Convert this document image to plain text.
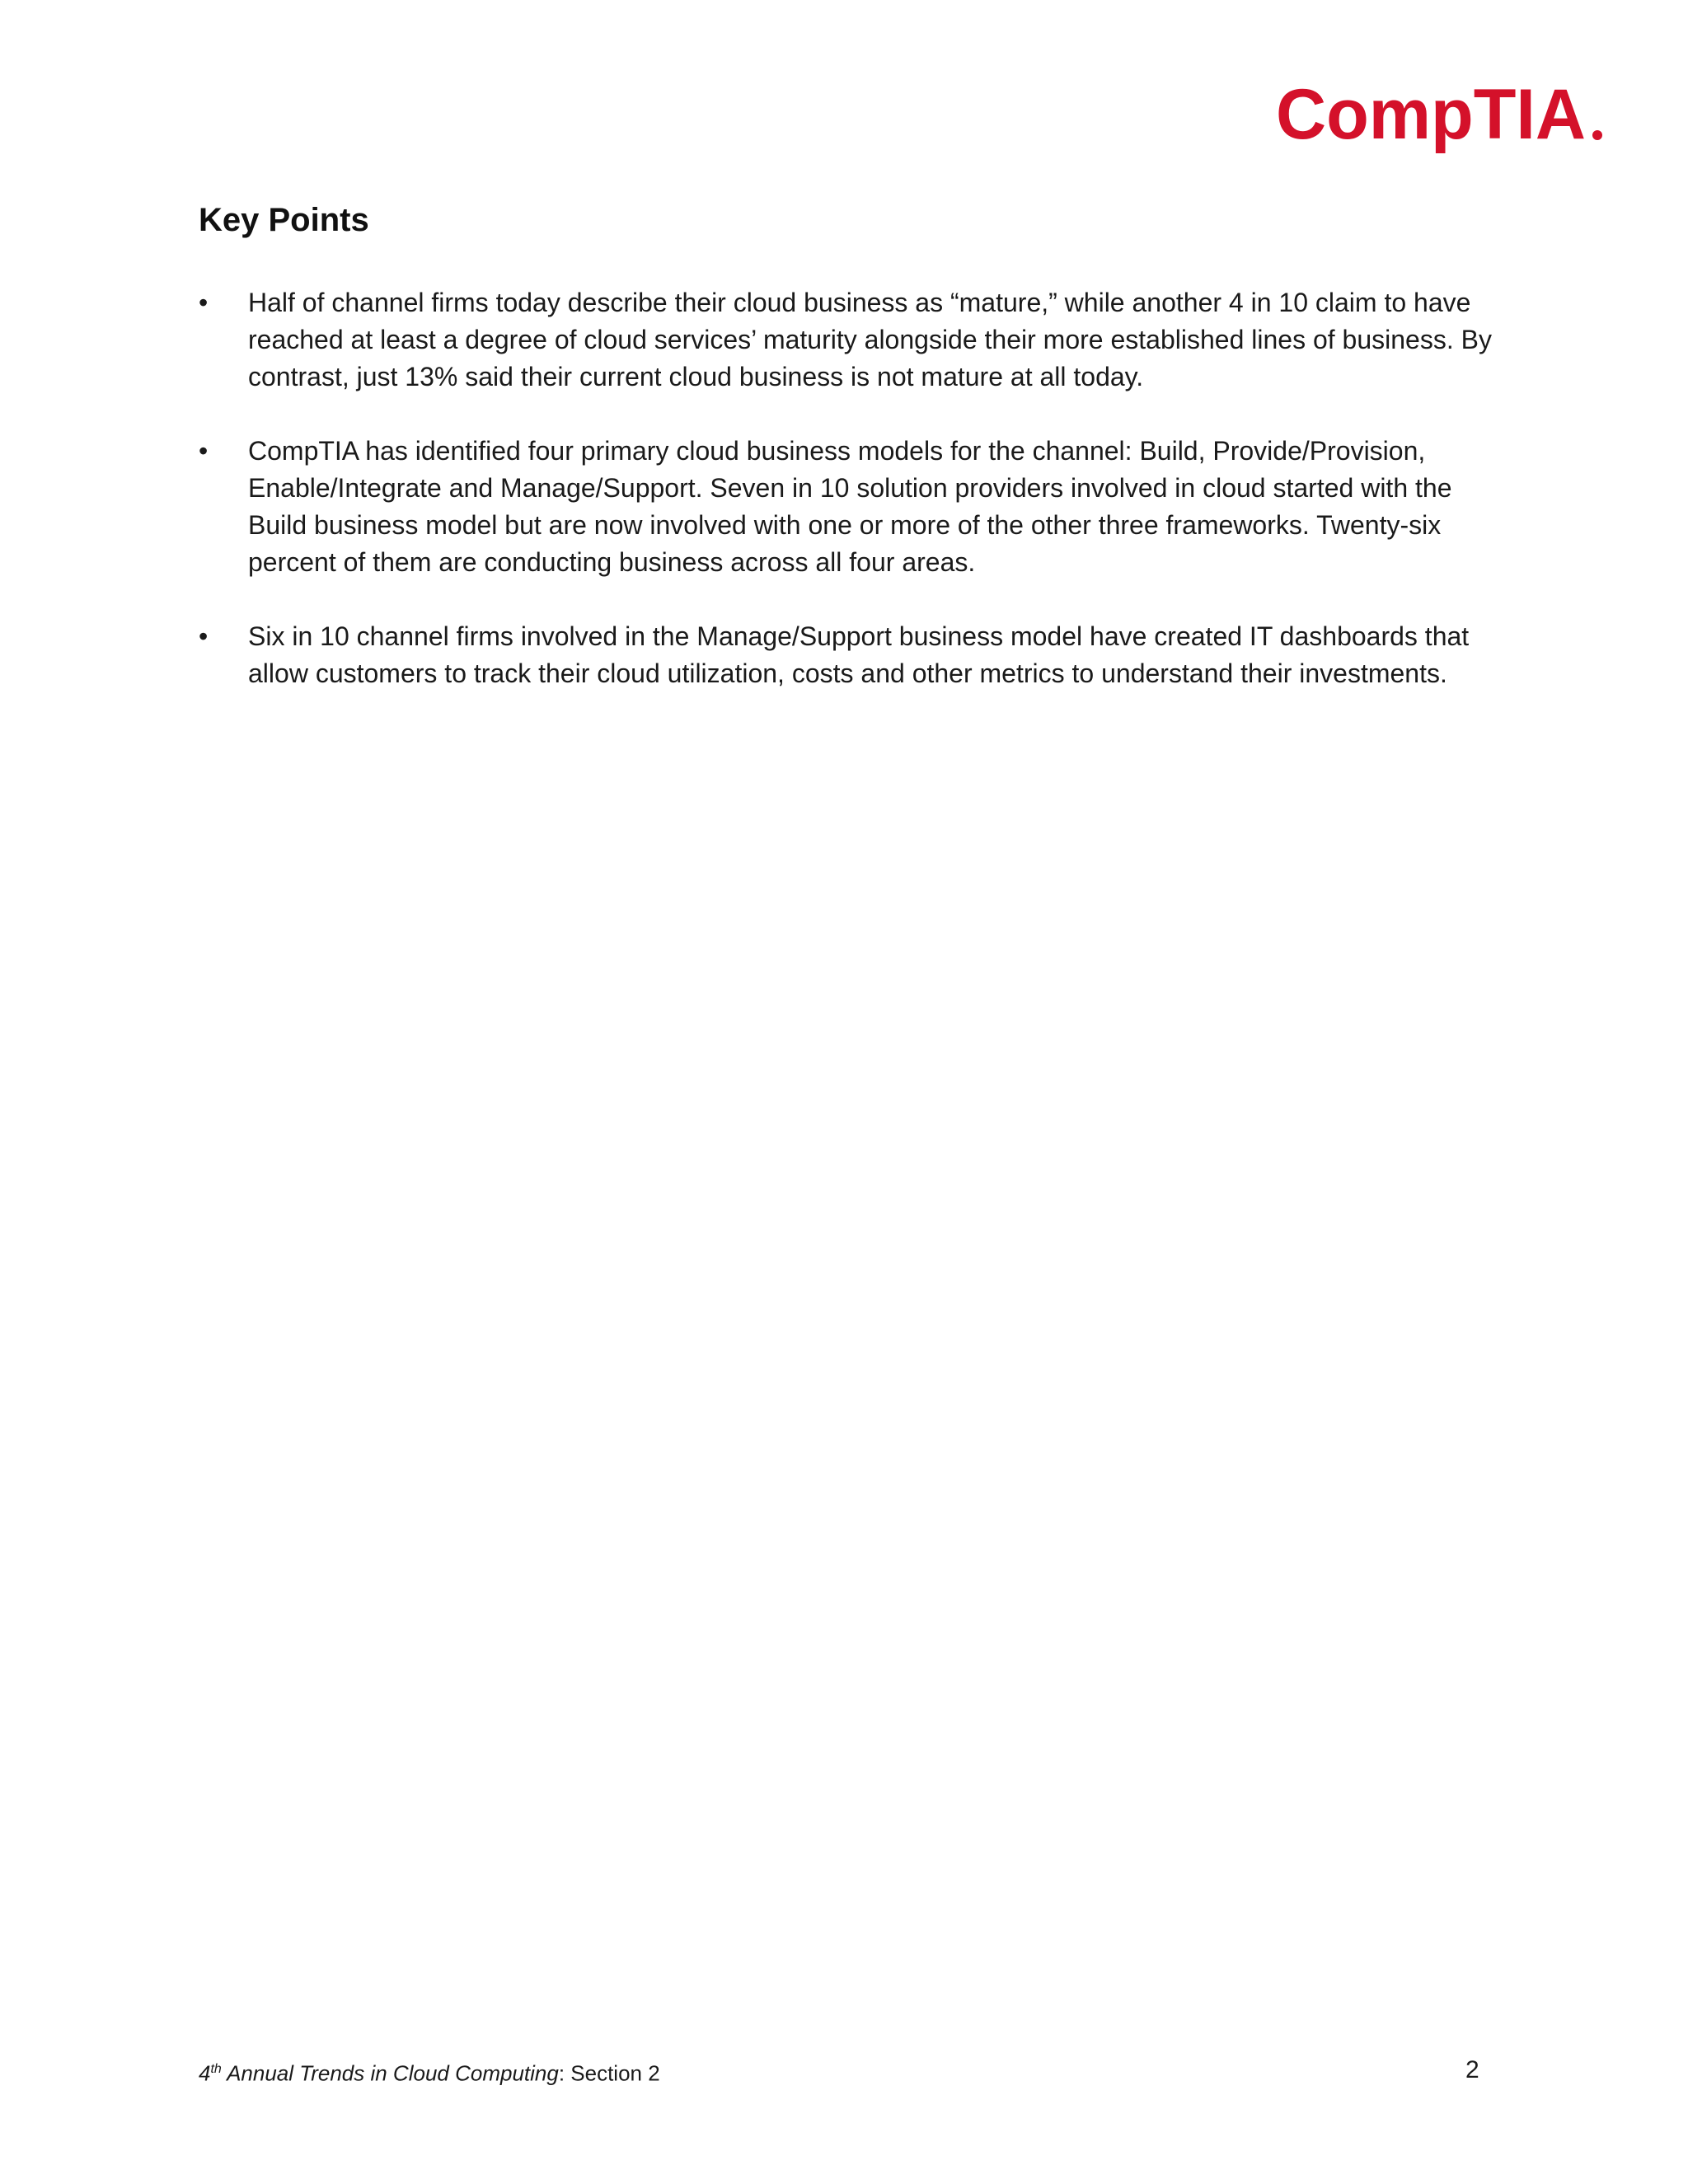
CompTIA
Key Points
•	Half of channel firms today describe their cloud business as “mature,” while another 4 in 10 claim to have reached at least a degree of cloud services’ maturity alongside their more established lines of business. By contrast, just 13% said their current cloud business is not mature at all today.
•	CompTIA has identified four primary cloud business models for the channel: Build, Provide/Provision, Enable/Integrate and Manage/Support. Seven in 10 solution providers involved in cloud started with the Build business model but are now involved with one or more of the other three frameworks. Twenty-six percent of them are conducting business across all four areas.
•	Six in 10 channel firms involved in the Manage/Support business model have created IT dashboards that allow customers to track their cloud utilization, costs and other metrics to understand their investments.
4th Annual Trends in Cloud Computing: Section 2	2
